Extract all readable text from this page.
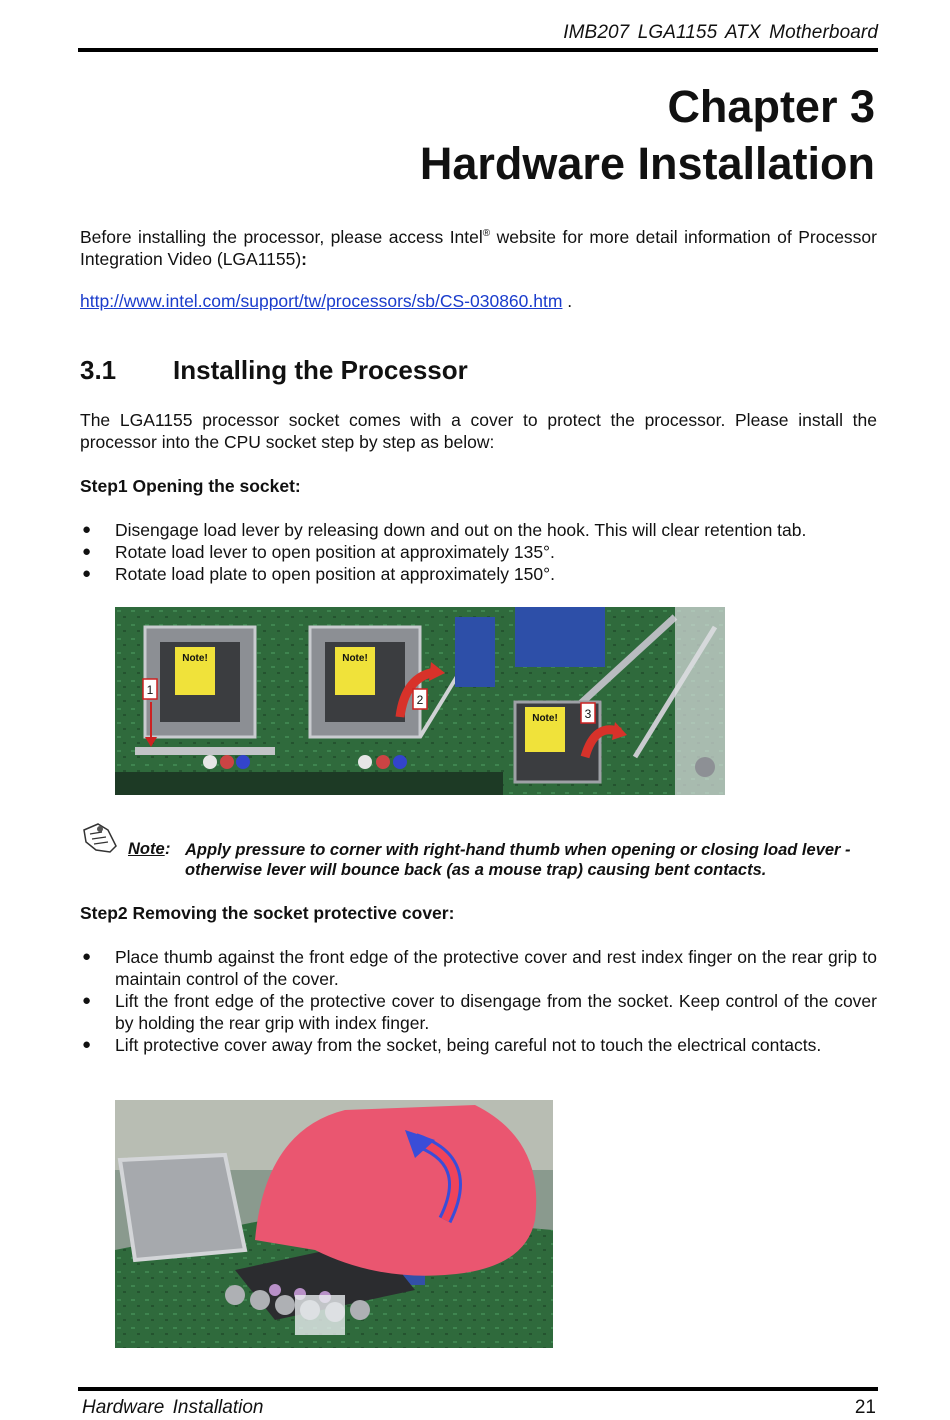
IMB207 LGA1155 ATX Motherboard
Chapter 3
Hardware Installation
Before installing the processor, please access Intel® website for more detail information of Processor Integration Video (LGA1155):
http://www.intel.com/support/tw/processors/sb/CS-030860.htm .
3.1 Installing the Processor
The LGA1155 processor socket comes with a cover to protect the processor. Please install the processor into the CPU socket step by step as below:
Step1 Opening the socket:
● Disengage load lever by releasing down and out on the hook. This will clear retention tab.
● Rotate load lever to open position at approximately 135°.
● Rotate load plate to open position at approximately 150°.
Note!
1
Note!
2
Note! 3
Note : Apply pressure to corner with right-hand thumb when opening or closing load lever - otherwise lever will bounce back (as a mouse trap) causing bent contacts.
Step2 Removing the socket protective cover:
● Place thumb against the front edge of the protective cover and rest index finger on the rear grip to maintain control of the cover.
● Lift the front edge of the protective cover to disengage from the socket. Keep control of the cover by holding the rear grip with index finger.
● Lift protective cover away from the socket, being careful not to touch the electrical contacts.
Hardware Installation	21
